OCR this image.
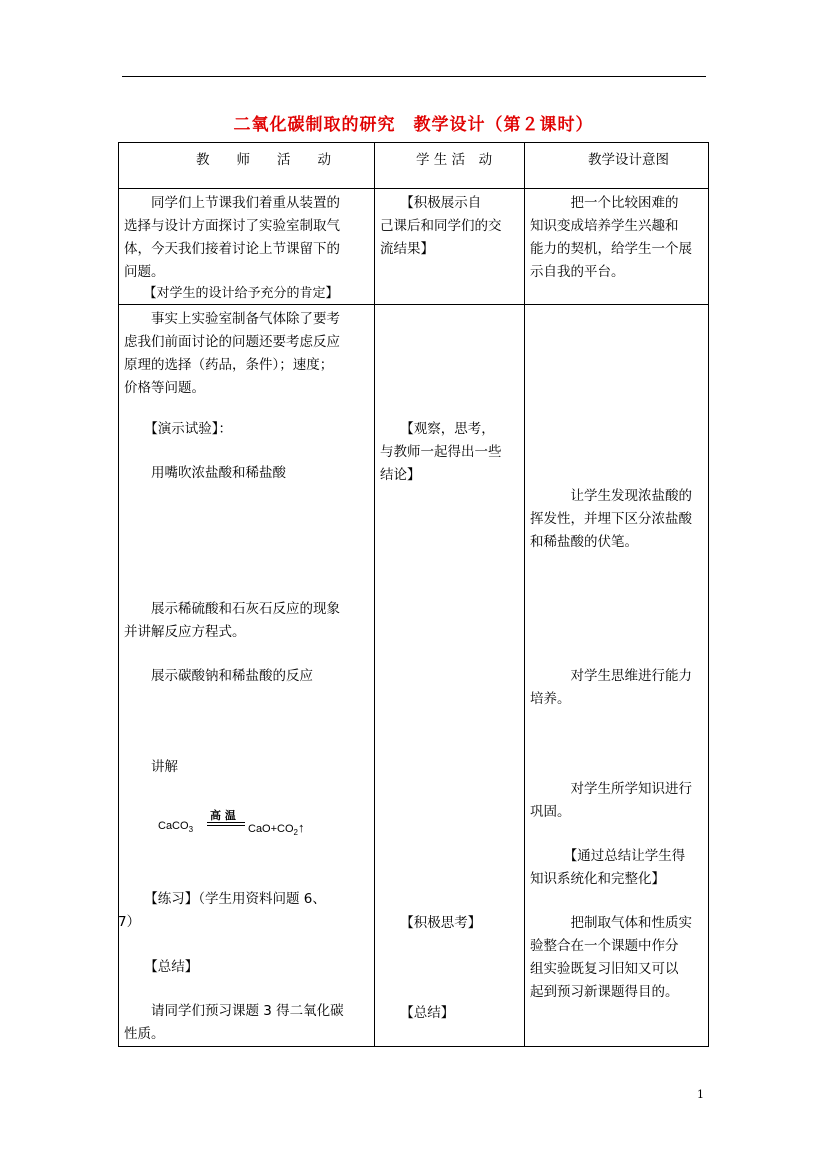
二氧化碳制取的研究　教学设计（第２课时）
教　　师　　活　　动	学 生 活　动	教学设计意图
　　同学们上节课我们着重从装置的
选择与设计方面探讨了实验室制取气
体，今天我们接着讨论上节课留下的
问题。
　　【对学生的设计给予充分的肯定】
　　【积极展示自
己课后和同学们的交
流结果】
　　　把一个比较困难的
知识变成培养学生兴趣和
能力的契机，给学生一个展
示自我的平台。
　　事实上实验室制备气体除了要考
虑我们前面讨论的问题还要考虑反应
原理的选择（药品，条件）；速度；
价格等问题。
　　【演示试验】：
　　用嘴吹浓盐酸和稀盐酸
　　展示稀硫酸和石灰石反应的现象
并讲解反应方程式。
　　展示碳酸钠和稀盐酸的反应
　　讲解
CaCO$_3$
高 温
$CaO+CO_2↑$
　　【练习】（学生用资料问题 6、
7）
　　【总结】
　　请同学们预习课题 3 得二氧化碳
性质。
　　【观察，思考，
与教师一起得出一些
结论】
　　【积极思考】
　　【总结】
　　　让学生发现浓盐酸的
挥发性，并埋下区分浓盐酸
和稀盐酸的伏笔。
　　　对学生思维进行能力
培养。
　　　对学生所学知识进行
巩固。
　　　【通过总结让学生得
知识系统化和完整化】
　　　把制取气体和性质实
验整合在一个课题中作分
组实验既复习旧知又可以
起到预习新课题得目的。
1
